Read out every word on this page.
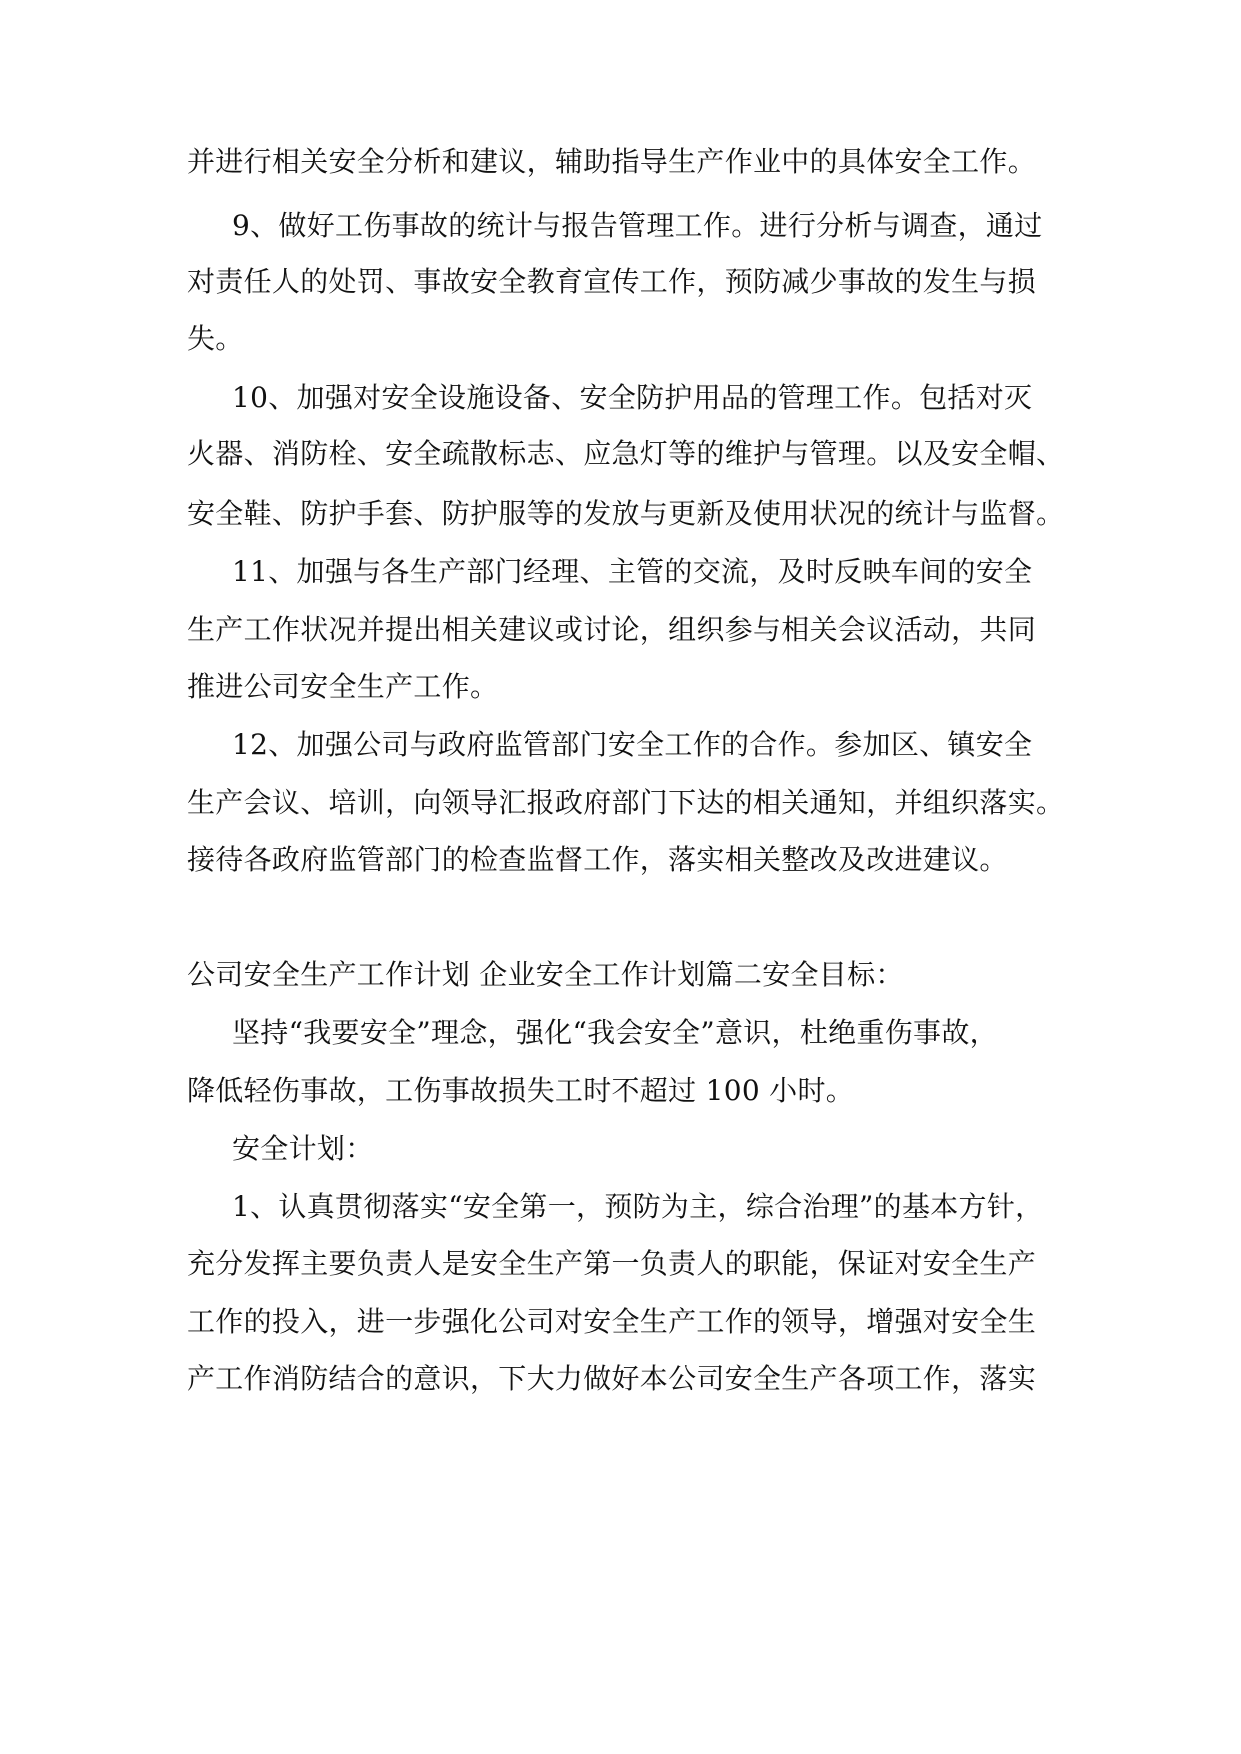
并进行相关安全分析和建议，辅助指导生产作业中的具体安全工作。

9、做好工伤事故的统计与报告管理工作。进行分析与调查，通过

对责任人的处罚、事故安全教育宣传工作，预防减少事故的发生与损

失。

10、加强对安全设施设备、安全防护用品的管理工作。包括对灭

火器、消防栓、安全疏散标志、应急灯等的维护与管理。以及安全帽、

安全鞋、防护手套、防护服等的发放与更新及使用状况的统计与监督。

11、加强与各生产部门经理、主管的交流，及时反映车间的安全

生产工作状况并提出相关建议或讨论，组织参与相关会议活动，共同

推进公司安全生产工作。

12、加强公司与政府监管部门安全工作的合作。参加区、镇安全

生产会议、培训，向领导汇报政府部门下达的相关通知，并组织落实。

接待各政府监管部门的检查监督工作，落实相关整改及改进建议。

公司安全生产工作计划 企业安全工作计划篇二安全目标：

坚持“我要安全”理念，强化“我会安全”意识，杜绝重伤事故，

降低轻伤事故，工伤事故损失工时不超过 100 小时。

安全计划：

1、认真贯彻落实“安全第一，预防为主，综合治理”的基本方针，

充分发挥主要负责人是安全生产第一负责人的职能，保证对安全生产

工作的投入，进一步强化公司对安全生产工作的领导，增强对安全生

产工作消防结合的意识，下大力做好本公司安全生产各项工作，落实
